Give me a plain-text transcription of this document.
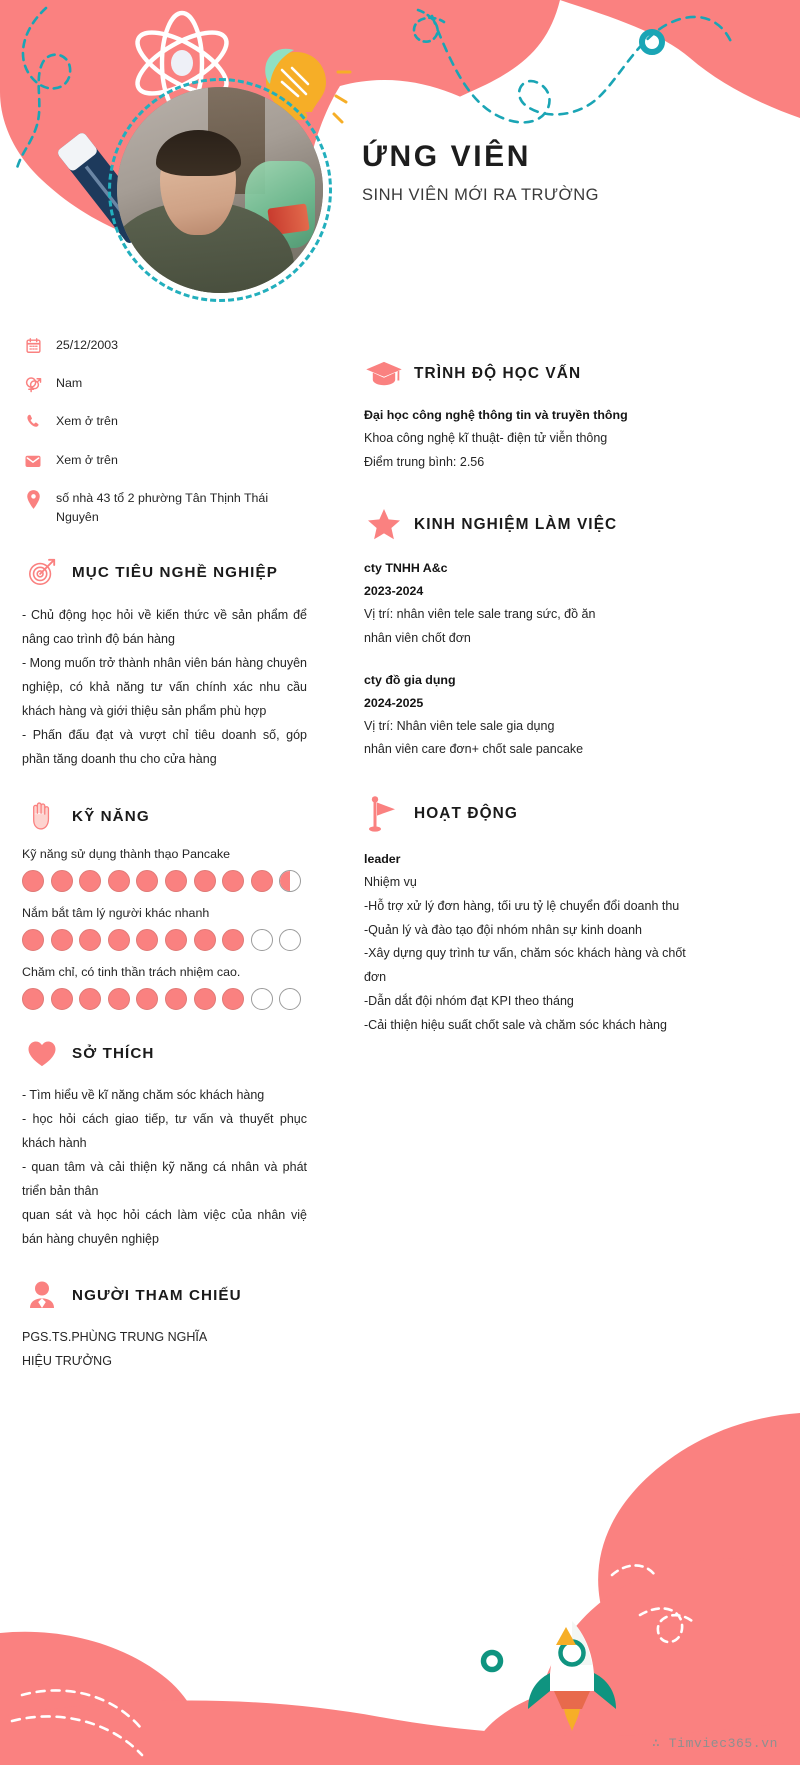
ỨNG VIÊN
SINH VIÊN MỚI RA TRƯỜNG
25/12/2003
Nam
Xem ở trên
Xem ở trên
số nhà 43 tổ 2 phường Tân Thịnh Thái Nguyên
MỤC TIÊU NGHỀ NGHIỆP
- Chủ động học hỏi về kiến thức về sản phẩm để nâng cao trình độ bán hàng
- Mong muốn trở thành nhân viên bán hàng chuyên nghiệp, có khả năng tư vấn chính xác nhu cầu khách hàng và giới thiệu sản phẩm phù hợp
- Phấn đấu đạt và vượt chỉ tiêu doanh số, góp phần tăng doanh thu cho cửa hàng
KỸ NĂNG
Kỹ năng sử dụng thành thạo Pancake
Nắm bắt tâm lý người khác nhanh
Chăm chỉ, có tinh thần trách nhiệm cao.
SỞ THÍCH
- Tìm hiểu về kĩ năng chăm sóc khách hàng
- học hỏi cách giao tiếp, tư vấn và thuyết phục khách hành
- quan tâm và cải thiện kỹ năng cá nhân và phát triển bản thân
quan sát và học hỏi cách làm việc của nhân việ bán hàng chuyên nghiệp
NGƯỜI THAM CHIẾU
PGS.TS.PHÙNG TRUNG NGHĨA
HIỆU TRƯỞNG
TRÌNH ĐỘ HỌC VẤN
Đại học công nghệ thông tin và truyền thông
Khoa công nghệ kĩ thuật- điện tử viễn thông
Điểm trung bình: 2.56
KINH NGHIỆM LÀM VIỆC
cty TNHH A&c
2023-2024
Vị trí: nhân viên tele sale trang sức, đồ ăn
nhân viên chốt đơn
cty đồ gia dụng
2024-2025
Vị trí: Nhân viên tele sale gia dụng
nhân viên care đơn+ chốt sale pancake
HOẠT ĐỘNG
leader
Nhiệm vụ
-Hỗ trợ xử lý đơn hàng, tối ưu tỷ lệ chuyển đổi doanh thu
-Quản lý và đào tạo đội nhóm nhân sự kinh doanh
-Xây dựng quy trình tư vấn, chăm sóc khách hàng và chốt đơn
-Dẫn dắt đội nhóm đạt KPI theo tháng
-Cải thiện hiệu suất chốt sale và chăm sóc khách hàng
∴ Timviec365.vn
